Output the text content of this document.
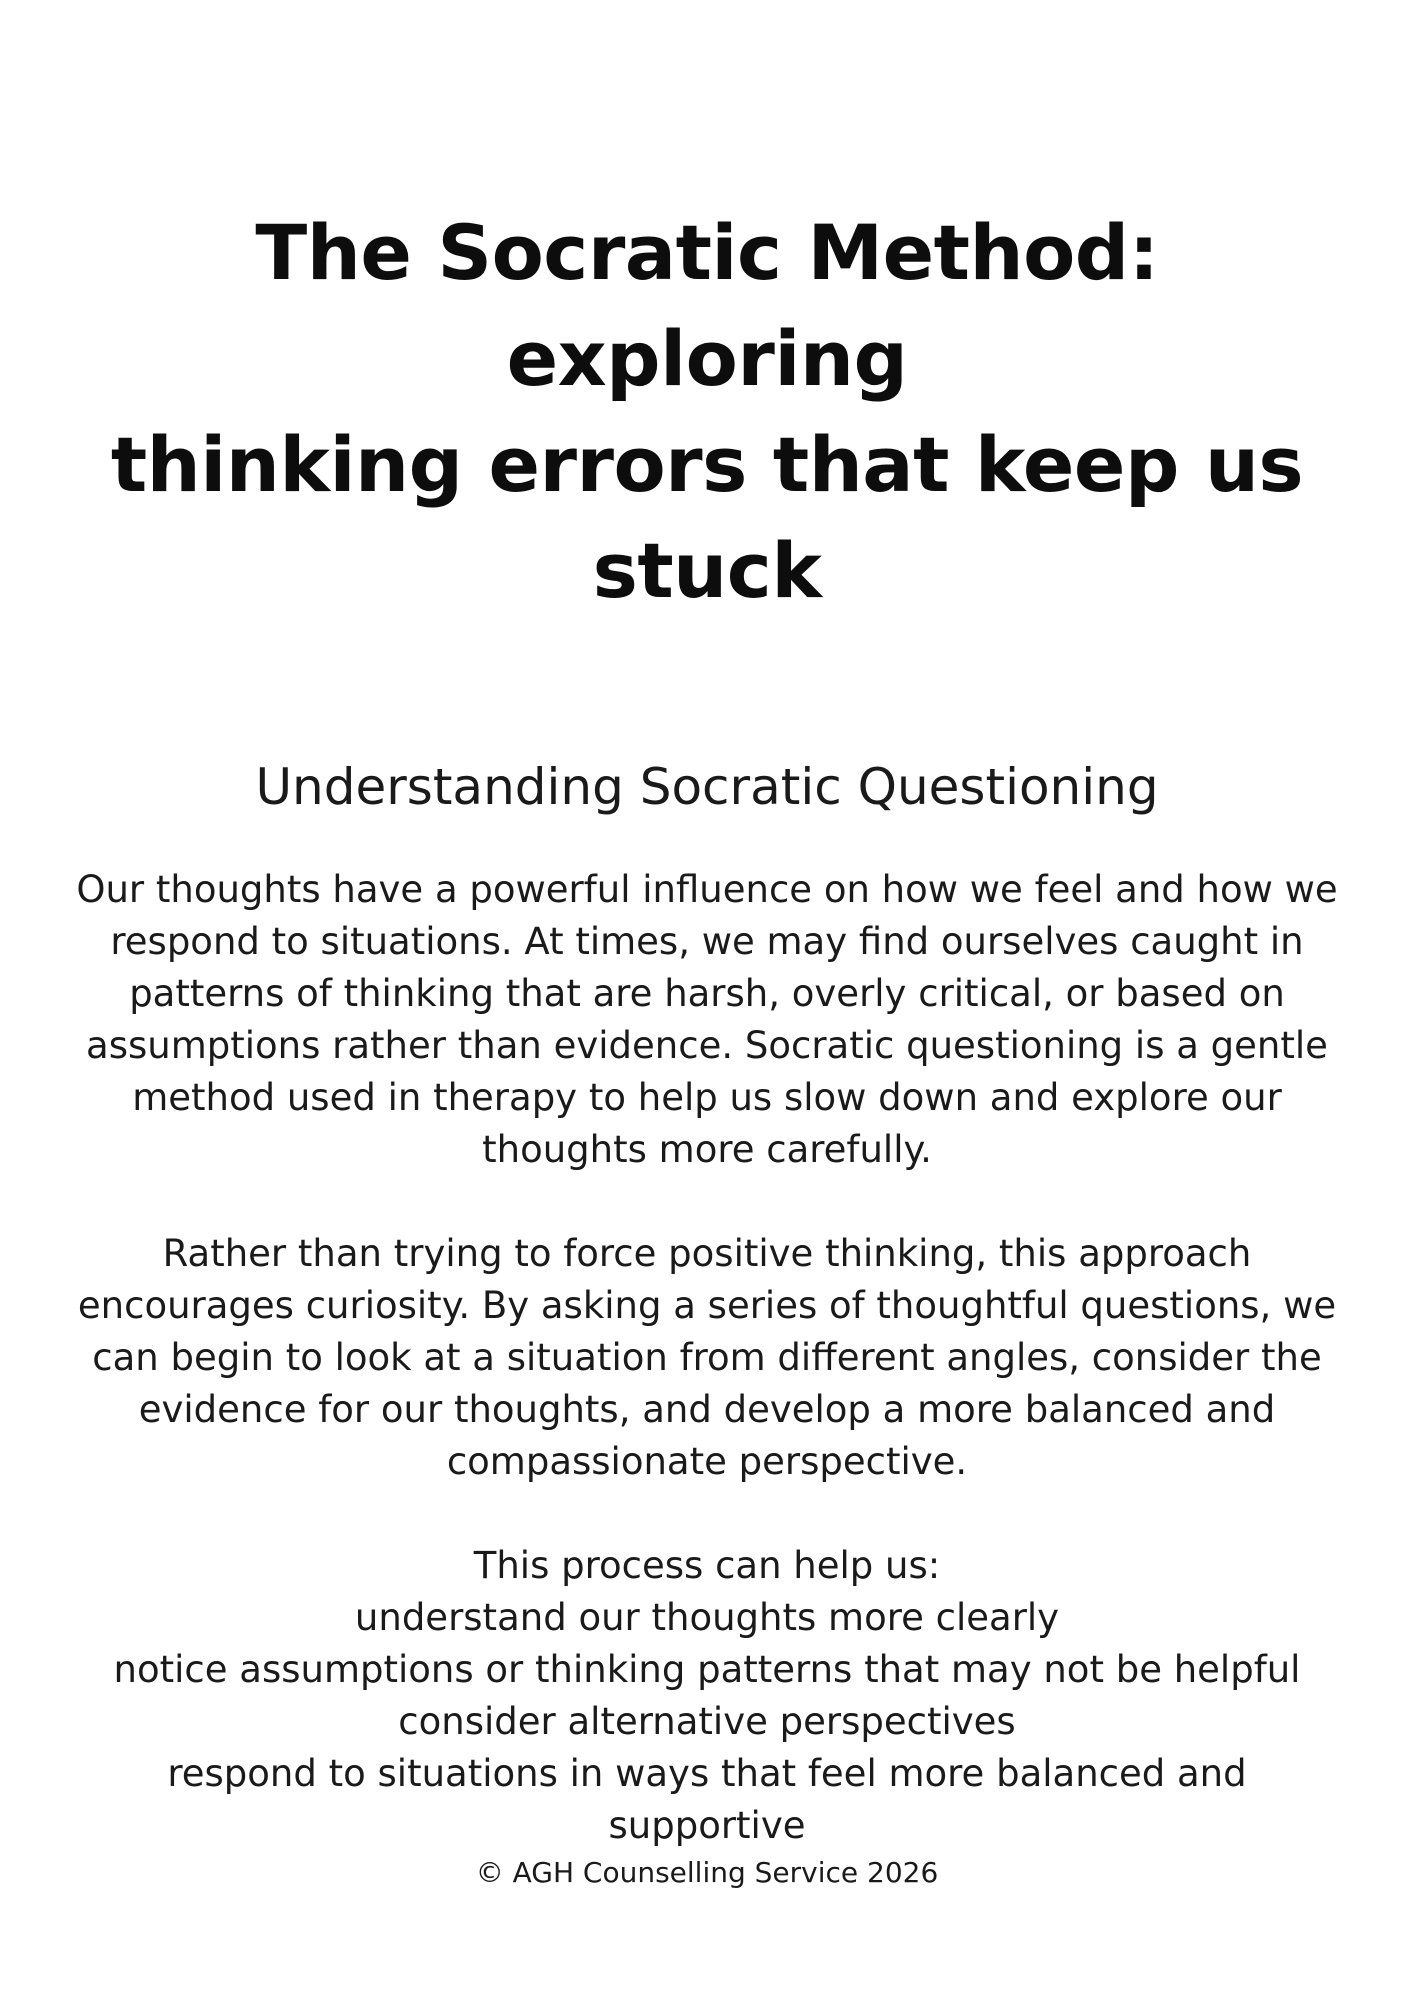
The Socratic Method: exploring
thinking errors that keep us
stuck
Understanding Socratic Questioning

Our thoughts have a powerful influence on how we feel and how we
respond to situations. At times, we may find ourselves caught in
patterns of thinking that are harsh, overly critical, or based on
assumptions rather than evidence. Socratic questioning is a gentle
method used in therapy to help us slow down and explore our
thoughts more carefully.

Rather than trying to force positive thinking, this approach
encourages curiosity. By asking a series of thoughtful questions, we
can begin to look at a situation from different angles, consider the
evidence for our thoughts, and develop a more balanced and
compassionate perspective.

This process can help us:
understand our thoughts more clearly
notice assumptions or thinking patterns that may not be helpful
consider alternative perspectives
respond to situations in ways that feel more balanced and
supportive
© AGH Counselling Service 2026
